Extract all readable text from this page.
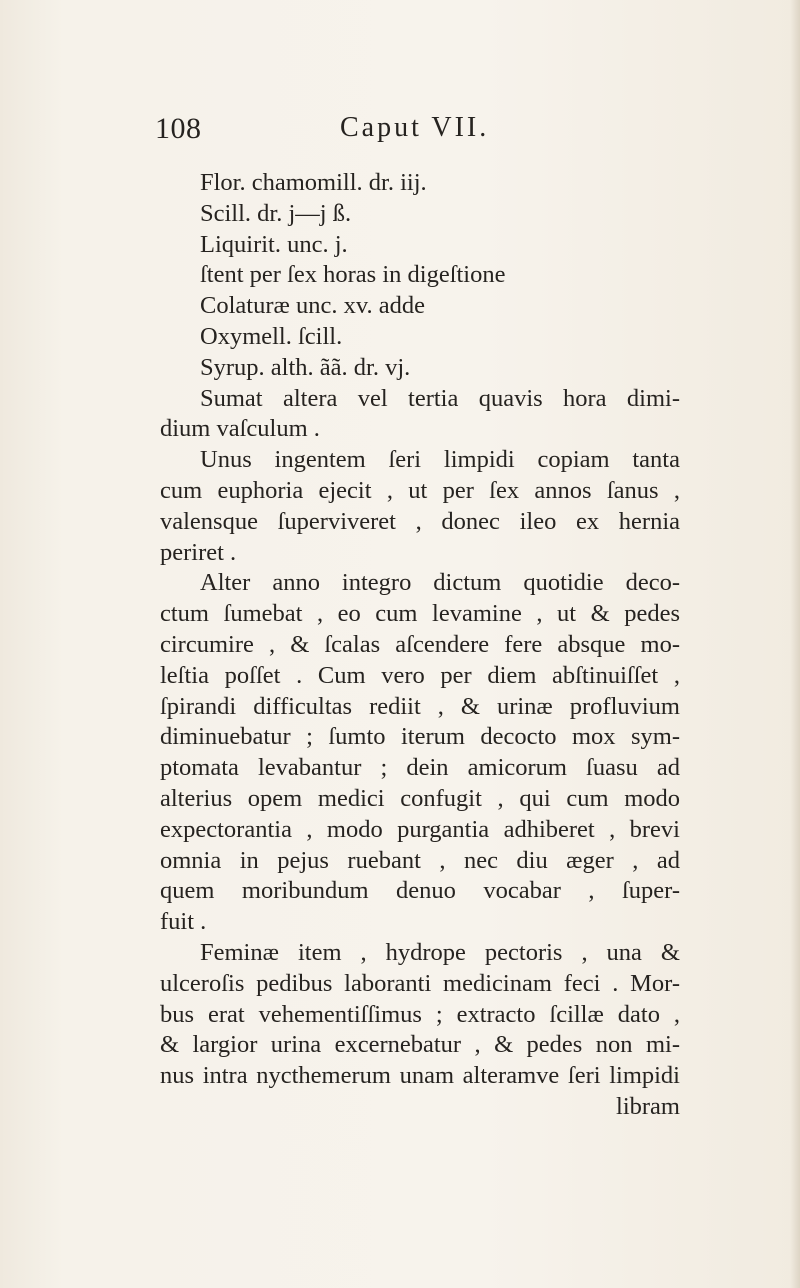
108	Caput VII.
Flor. chamomill. dr. iij.
Scill. dr. j—j ß.
Liquirit. unc. j.
ſtent per ſex horas in digeſtione
Colaturæ unc. xv. adde
Oxymell. ſcill.
Syrup. alth. ãã. dr. vj.
Sumat altera vel tertia quavis hora dimi-
dium vaſculum .
Unus ingentem ſeri limpidi copiam tanta
cum euphoria ejecit , ut per ſex annos ſanus ,
valensque ſuperviveret , donec ileo ex hernia
periret .
Alter anno integro dictum quotidie deco-
ctum ſumebat , eo cum levamine , ut & pedes
circumire , & ſcalas aſcendere fere absque mo-
leſtia poſſet . Cum vero per diem abſtinuiſſet ,
ſpirandi difficultas rediit , & urinæ profluvium
diminuebatur ; ſumto iterum decocto mox sym-
ptomata levabantur ; dein amicorum ſuasu ad
alterius opem medici confugit , qui cum modo
expectorantia , modo purgantia adhiberet , brevi
omnia in pejus ruebant , nec diu æger , ad
quem moribundum denuo vocabar , ſuper-
fuit .
Feminæ item , hydrope pectoris , una &
ulceroſis pedibus laboranti medicinam feci . Mor-
bus erat vehementiſſimus ; extracto ſcillæ dato ,
& largior urina excernebatur , & pedes non mi-
nus intra nycthemerum unam alteramve ſeri limpidi
libram
